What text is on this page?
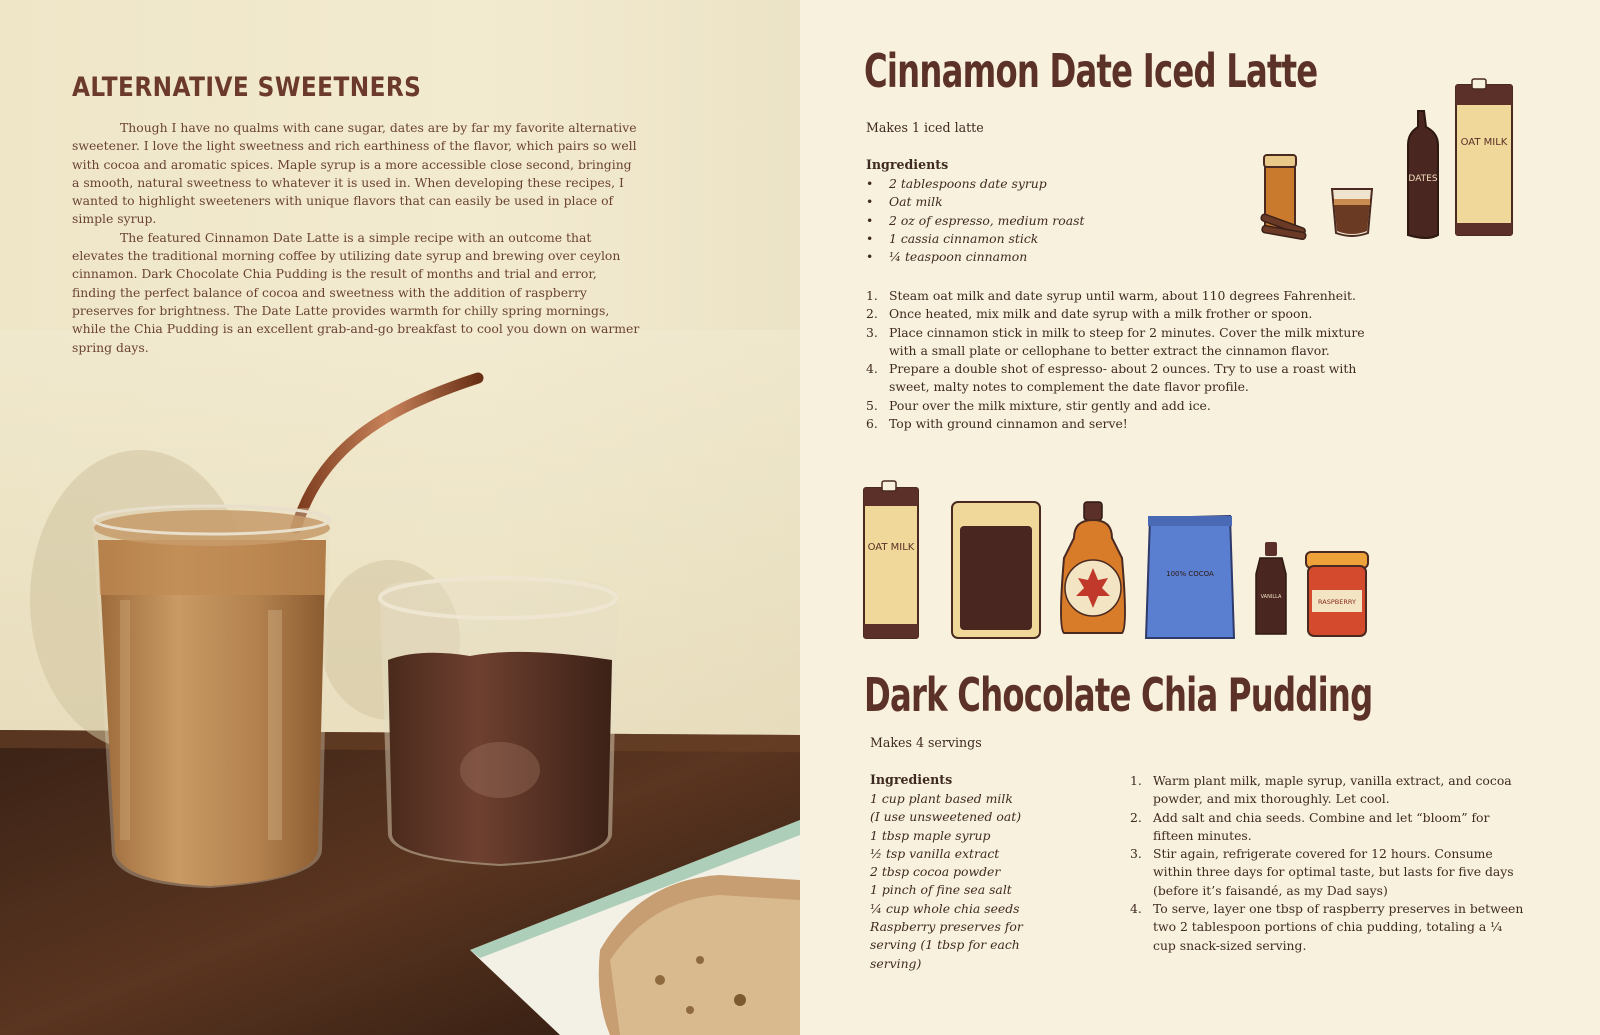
ALTERNATIVE SWEETNERS

Though I have no qualms with cane sugar, dates are by far my favorite alternative sweetener. I love the light sweetness and rich earthiness of the flavor, which pairs so well with cocoa and aromatic spices. Maple syrup is a more accessible close second, bringing a smooth, natural sweetness to whatever it is used in. When developing these recipes, I wanted to highlight sweeteners with unique flavors that can easily be used in place of simple syrup.

The featured Cinnamon Date Latte is a simple recipe with an outcome that elevates the traditional morning coffee by utilizing date syrup and brewing over ceylon cinnamon. Dark Chocolate Chia Pudding is the result of months and trial and error, finding the perfect balance of cocoa and sweetness with the addition of raspberry preserves for brightness. The Date Latte provides warmth for chilly spring mornings, while the Chia Pudding is an excellent grab-and-go breakfast to cool you down on warmer spring days.

Cinnamon Date Iced Latte
Makes 1 iced latte
Ingredients
• 2 tablespoons date syrup
• Oat milk
• 2 oz of espresso, medium roast
• 1 cassia cinnamon stick
• ¼ teaspoon cinnamon
1. Steam oat milk and date syrup until warm, about 110 degrees Fahrenheit.
2. Once heated, mix milk and date syrup with a milk frother or spoon.
3. Place cinnamon stick in milk to steep for 2 minutes. Cover the milk mixture with a small plate or cellophane to better extract the cinnamon flavor.
4. Prepare a double shot of espresso- about 2 ounces. Try to use a roast with sweet, malty notes to complement the date flavor profile.
5. Pour over the milk mixture, stir gently and add ice.
6. Top with ground cinnamon and serve!
DATES
OAT MILK
OAT MILK
100% COCOA
VANILLA
RASPBERRY
Dark Chocolate Chia Pudding
Makes 4 servings
Ingredients
1 cup plant based milk
(I use unsweetened oat)
1 tbsp maple syrup
½ tsp vanilla extract
2 tbsp cocoa powder
1 pinch of fine sea salt
¼ cup whole chia seeds
Raspberry preserves for serving (1 tbsp for each serving)
1. Warm plant milk, maple syrup, vanilla extract, and cocoa powder, and mix thoroughly. Let cool.
2. Add salt and chia seeds. Combine and let “bloom” for fifteen minutes.
3. Stir again, refrigerate covered for 12 hours. Consume within three days for optimal taste, but lasts for five days (before it’s faisandé, as my Dad says)
4. To serve, layer one tbsp of raspberry preserves in between two 2 tablespoon portions of chia pudding, totaling a ¼ cup snack-sized serving.
